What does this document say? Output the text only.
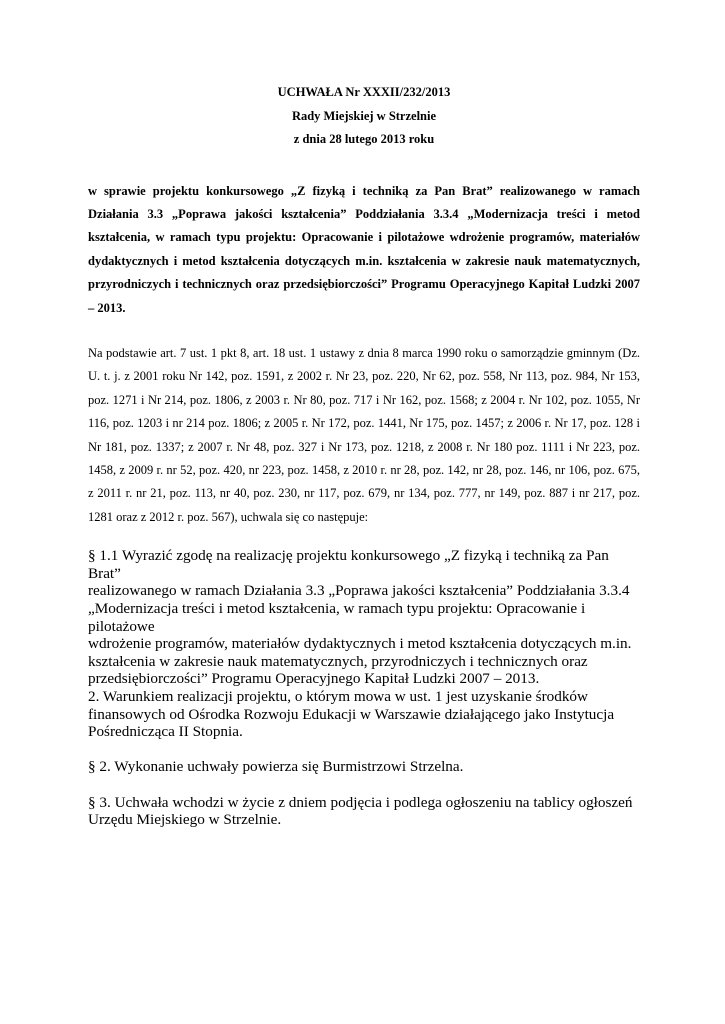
UCHWAŁA Nr XXXII/232/2013
Rady Miejskiej w Strzelnie
z dnia 28 lutego 2013 roku
w sprawie projektu konkursowego „Z fizyką i techniką za Pan Brat” realizowanego w ramach Działania 3.3 „Poprawa jakości kształcenia” Poddziałania 3.3.4 „Modernizacja treści i metod kształcenia, w ramach typu projektu: Opracowanie i pilotażowe wdrożenie programów, materiałów dydaktycznych i metod kształcenia dotyczących m.in. kształcenia w zakresie nauk matematycznych, przyrodniczych i technicznych oraz przedsiębiorczości” Programu Operacyjnego Kapitał Ludzki 2007 – 2013.
Na podstawie art. 7 ust. 1 pkt 8, art. 18 ust. 1 ustawy z dnia 8 marca 1990 roku o samorządzie gminnym (Dz. U. t. j. z 2001 roku Nr 142, poz. 1591, z 2002 r. Nr 23, poz. 220, Nr 62, poz. 558, Nr 113, poz. 984, Nr 153, poz. 1271 i Nr 214, poz. 1806, z 2003 r. Nr 80, poz. 717 i Nr 162, poz. 1568; z 2004 r. Nr 102, poz. 1055, Nr 116, poz. 1203 i nr 214 poz. 1806; z 2005 r. Nr 172, poz. 1441, Nr 175, poz. 1457; z 2006 r. Nr 17, poz. 128 i Nr 181, poz. 1337; z 2007 r. Nr 48, poz. 327 i Nr 173, poz. 1218, z 2008 r. Nr 180 poz. 1111 i Nr 223, poz. 1458, z 2009 r. nr 52, poz. 420, nr 223, poz. 1458, z 2010 r. nr 28, poz. 142, nr 28, poz. 146, nr 106, poz. 675, z 2011 r. nr 21, poz. 113, nr 40, poz. 230, nr 117, poz. 679, nr 134, poz. 777, nr 149, poz. 887 i nr 217, poz. 1281 oraz z 2012 r. poz. 567), uchwala się co następuje:
§ 1.1 Wyrazić zgodę na realizację projektu konkursowego „Z fizyką i techniką za Pan Brat”
realizowanego w ramach Działania 3.3 „Poprawa jakości kształcenia” Poddziałania 3.3.4
„Modernizacja treści i metod kształcenia, w ramach typu projektu: Opracowanie i pilotażowe
wdrożenie programów, materiałów dydaktycznych i metod kształcenia dotyczących m.in.
kształcenia w zakresie nauk matematycznych, przyrodniczych i technicznych oraz
przedsiębiorczości” Programu Operacyjnego Kapitał Ludzki 2007 – 2013.
2. Warunkiem realizacji projektu, o którym mowa w ust. 1 jest uzyskanie środków
finansowych od Ośrodka Rozwoju Edukacji w Warszawie działającego jako Instytucja
Pośrednicząca II Stopnia.
§ 2. Wykonanie uchwały powierza się Burmistrzowi Strzelna.
§ 3. Uchwała wchodzi w życie z dniem podjęcia i podlega ogłoszeniu na tablicy ogłoszeń
Urzędu Miejskiego w Strzelnie.
